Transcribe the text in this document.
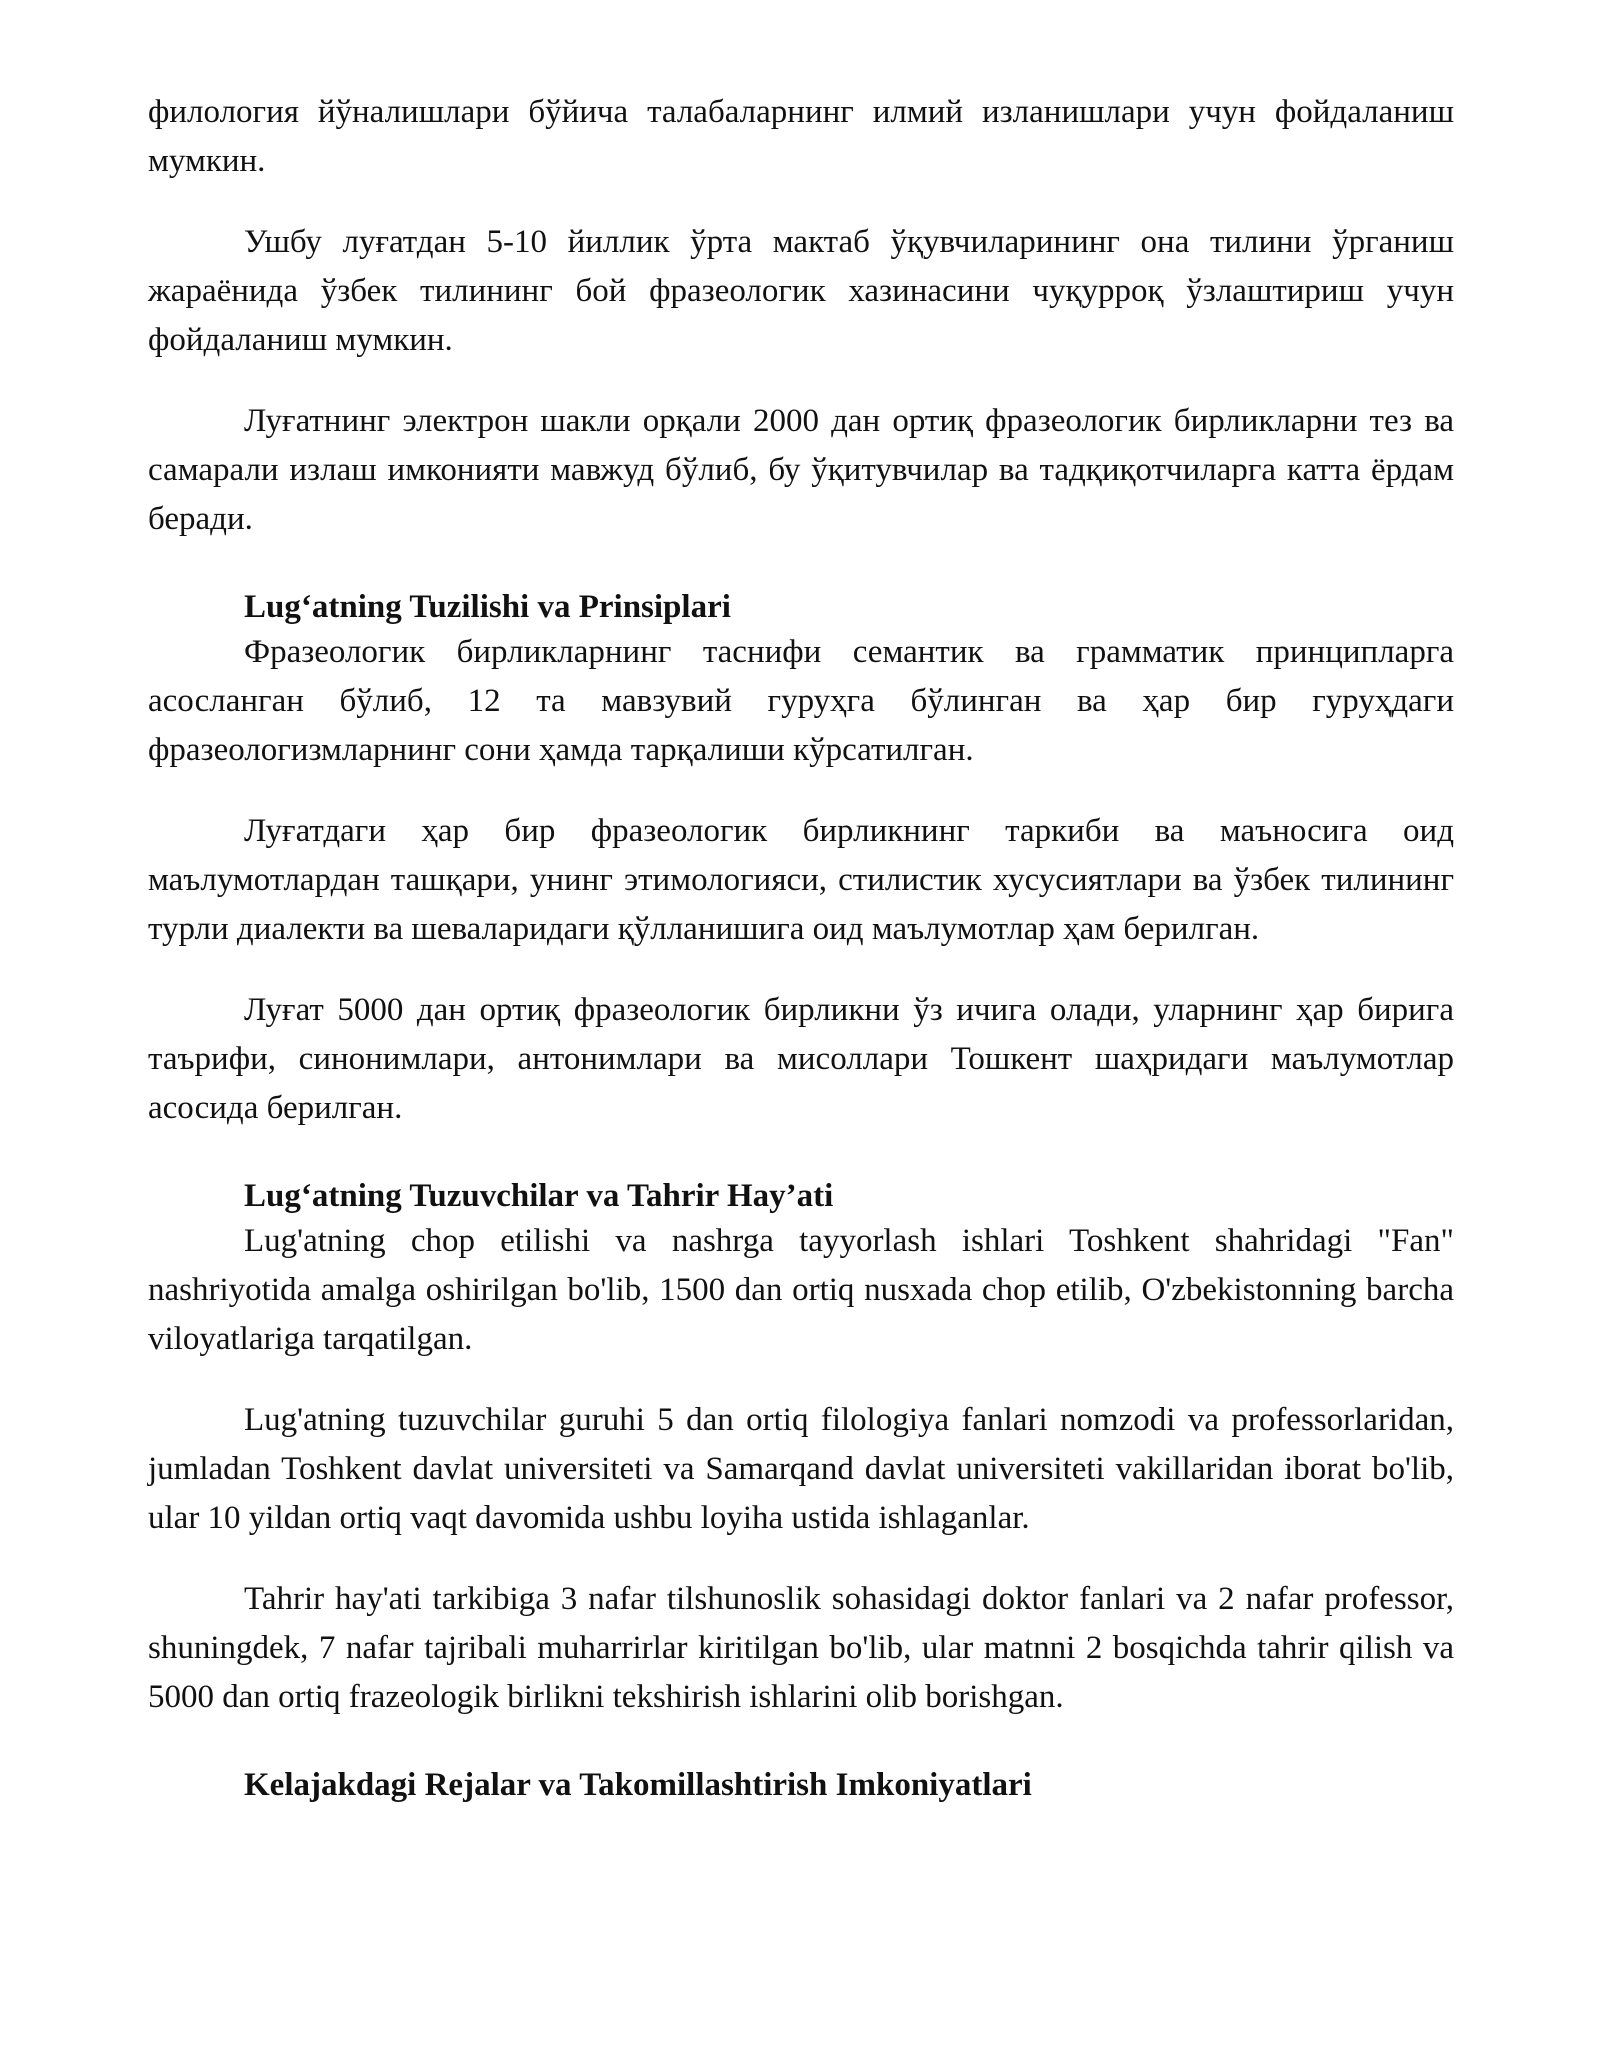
филология йўналишлари бўйича талабаларнинг илмий изланишлари учун фойдаланиш мумкин.

Ушбу луғатдан 5-10 йиллик ўрта мактаб ўқувчиларининг она тилини ўрганиш жараёнида ўзбек тилининг бой фразеологик хазинасини чуқурроқ ўзлаштириш учун фойдаланиш мумкин.

Луғатнинг электрон шакли орқали 2000 дан ортиқ фразеологик бирликларни тез ва самарали излаш имконияти мавжуд бўлиб, бу ўқитувчилар ва тадқиқотчиларга катта ёрдам беради.

Lug‘atning Tuzilishi va Prinsiplari

Фразеологик бирликларнинг таснифи семантик ва грамматик принципларга асосланган бўлиб, 12 та мавзувий гуруҳга бўлинган ва ҳар бир гуруҳдаги фразеологизмларнинг сони ҳамда тарқалиши кўрсатилган.

Луғатдаги ҳар бир фразеологик бирликнинг таркиби ва маъносига оид маълумотлардан ташқари, унинг этимологияси, стилистик хусусиятлари ва ўзбек тилининг турли диалекти ва шеваларидаги қўлланишига оид маълумотлар ҳам берилган.

Луғат 5000 дан ортиқ фразеологик бирликни ўз ичига олади, уларнинг ҳар бирига таърифи, синонимлари, антонимлари ва мисоллари Тошкент шаҳридаги маълумотлар асосида берилган.

Lug‘atning Tuzuvchilar va Tahrir Hay’ati

Lug'atning chop etilishi va nashrga tayyorlash ishlari Toshkent shahridagi "Fan" nashriyotida amalga oshirilgan bo'lib, 1500 dan ortiq nusxada chop etilib, O'zbekistonning barcha viloyatlariga tarqatilgan.

Lug'atning tuzuvchilar guruhi 5 dan ortiq filologiya fanlari nomzodi va professorlaridan, jumladan Toshkent davlat universiteti va Samarqand davlat universiteti vakillaridan iborat bo'lib, ular 10 yildan ortiq vaqt davomida ushbu loyiha ustida ishlaganlar.

Tahrir hay'ati tarkibiga 3 nafar tilshunoslik sohasidagi doktor fanlari va 2 nafar professor, shuningdek, 7 nafar tajribali muharrirlar kiritilgan bo'lib, ular matnni 2 bosqichda tahrir qilish va 5000 dan ortiq frazeologik birlikni tekshirish ishlarini olib borishgan.

Kelajakdagi Rejalar va Takomillashtirish Imkoniyatlari
